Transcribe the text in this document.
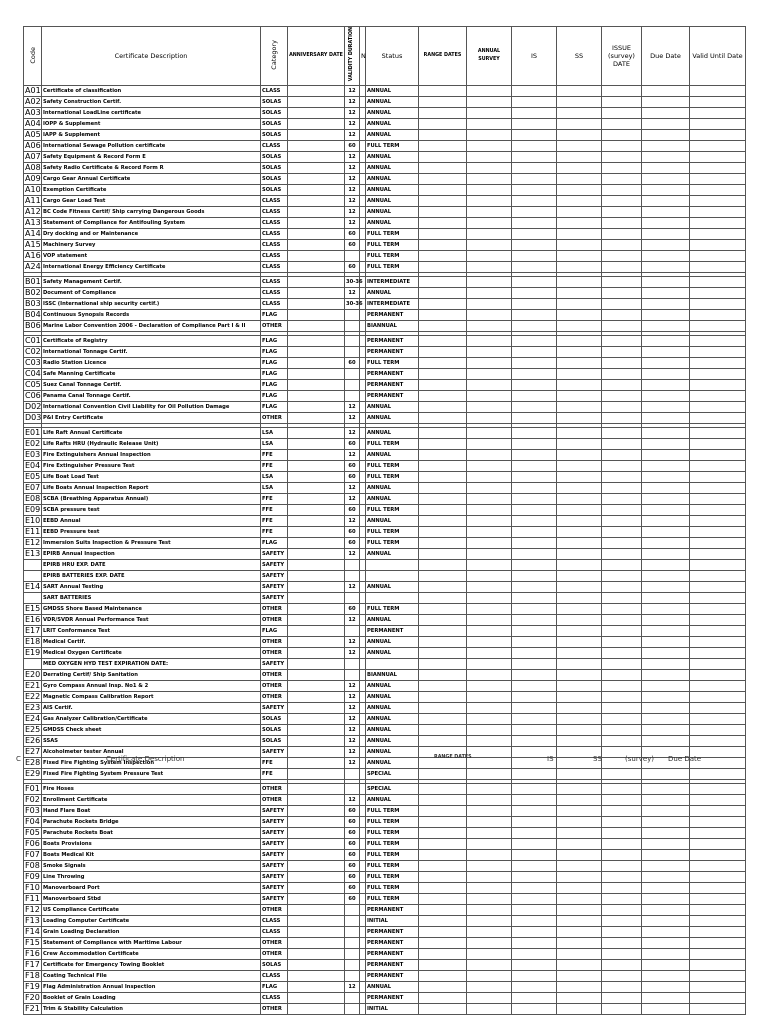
Code	Certificate Description	Category	ANNIVERSARY DATE	VALIDITY DURATION	N	Status	RANGE DATES	ANNUAL SURVEY	IS	SS	ISSUE (survey) DATE	Due Date	Valid Until Date
A01	Certificate of classification	CLASS		12		ANNUAL							
A02	Safety Construction Certif.	SOLAS		12		ANNUAL							
A03	International LoadLine certificate	SOLAS		12		ANNUAL							
A04	IOPP & Supplement	SOLAS		12		ANNUAL							
A05	IAPP & Supplement	SOLAS		12		ANNUAL							
A06	International Sewage Pollution certificate	CLASS		60		FULL TERM							
A07	Safety Equipment & Record Form E	SOLAS		12		ANNUAL							
A08	Safety Radio Certificate & Record Form R	SOLAS		12		ANNUAL							
A09	Cargo Gear Annual Certificate	SOLAS		12		ANNUAL							
A10	Exemption Certificate	SOLAS		12		ANNUAL							
A11	Cargo Gear Load Test	CLASS		12		ANNUAL							
A12	BC Code Fitness Certif/ Ship carrying Dangerous Goods	CLASS		12		ANNUAL							
A13	Statement of Compliance for Antifouling System	CLASS		12		ANNUAL							
A14	Dry docking and or Maintenance	CLASS		60		FULL TERM							
A15	Machinery Survey	CLASS		60		FULL TERM							
A16	VOP statement	CLASS				FULL TERM							
A24	International Energy Efficiency Certificate	CLASS		60		FULL TERM							

B01	Safety Management Certif.	CLASS		30-36		INTERMEDIATE							
B02	Document of Compliance	CLASS		12		ANNUAL							
B03	ISSC (International ship security certif.)	CLASS		30-36		INTERMEDIATE							
B04	Continuous Synopsis Records	FLAG				PERMANENT							
B06	Marine Labor Convention 2006 - Declaration of Compliance Part I & II	OTHER				BIANNUAL							

C01	Certificate of Registry	FLAG				PERMANENT							
C02	International Tonnage Certif.	FLAG				PERMANENT							
C03	Radio Station Licence	FLAG		60		FULL TERM							
C04	Safe Manning Certificate	FLAG				PERMANENT							
C05	Suez Canal Tonnage Certif.	FLAG				PERMANENT							
C06	Panama Canal Tonnage Certif.	FLAG				PERMANENT							
D02	International Convention Civil Liability for Oil Pollution Damage	FLAG		12		ANNUAL							
D03	P&I Entry Certificate	OTHER		12		ANNUAL							

E01	Life Raft Annual Certificate	LSA		12		ANNUAL							
E02	Life Rafts HRU (Hydraulic Release Unit)	LSA		60		FULL TERM							
E03	Fire Extinguishers Annual Inspection	FFE		12		ANNUAL							
E04	Fire Extinguisher Pressure Test	FFE		60		FULL TERM							
E05	Life Boat Load Test	LSA		60		FULL TERM							
E07	Life Boats Annual Inspection Report	LSA		12		ANNUAL							
E08	SCBA (Breathing Apparatus Annual)	FFE		12		ANNUAL							
E09	SCBA pressure test	FFE		60		FULL TERM							
E10	EEBD Annual	FFE		12		ANNUAL							
E11	EEBD Pressure test	FFE		60		FULL TERM							
E12	Immersion Suits Inspection & Pressure Test	FLAG		60		FULL TERM							
E13	EPIRB Annual Inspection	SAFETY		12		ANNUAL							
	EPIRB HRU EXP. DATE	SAFETY											
	EPIRB BATTERIES EXP. DATE	SAFETY											
E14	SART Annual Testing	SAFETY		12		ANNUAL							
	SART BATTERIES	SAFETY											
E15	GMDSS Shore Based Maintenance	OTHER		60		FULL TERM							
E16	VDR/SVDR Annual Performance Test	OTHER		12		ANNUAL							
E17	LRIT Conformance Test	FLAG				PERMANENT							
E18	Medical Certif.	OTHER		12		ANNUAL							
E19	Medical Oxygen Certificate	OTHER		12		ANNUAL							
	MED OXYGEN HYD TEST EXPIRATION DATE:	SAFETY											
E20	Derrating Certif/ Ship Sanitation	OTHER				BIANNUAL							
E21	Gyro Compass Annual Insp. No1 & 2	OTHER		12		ANNUAL							
E22	Magnetic Compass Calibration Report	OTHER		12		ANNUAL							
E23	AIS Certif.	SAFETY		12		ANNUAL							
E24	Gas Analyzer Calibration/Certificate	SOLAS		12		ANNUAL							
E25	GMDSS Check sheet	SOLAS		12		ANNUAL							
E26	SSAS	SOLAS		12		ANNUAL							
E27	Alcoholmeter tester Annual	SAFETY		12		ANNUAL							
E28	Fixed Fire Fighting System Inspection	FFE		12		ANNUAL							
E29	Fixed Fire Fighting System Pressure Test	FFE				SPECIAL							

F01	Fire Hoses	OTHER				SPECIAL							
F02	Enrollment Certificate	OTHER		12		ANNUAL							
F03	Hand Flare Boat	SAFETY		60		FULL TERM							
F04	Parachute Rockets Bridge	SAFETY		60		FULL TERM							
F05	Parachute Rockets Boat	SAFETY		60		FULL TERM							
F06	Boats Provisions	SAFETY		60		FULL TERM							
F07	Boats Medical Kit	SAFETY		60		FULL TERM							
F08	Smoke Signals	SAFETY		60		FULL TERM							
F09	Line Throwing	SAFETY		60		FULL TERM							
F10	Manoverboard Port	SAFETY		60		FULL TERM							
F11	Manoverboard Stbd	SAFETY		60		FULL TERM							
F12	US Compliance Certificate	OTHER				PERMANENT							
F13	Loading Computer Certificate	CLASS				INITIAL							
F14	Grain Loading Declaration	CLASS				PERMANENT							
F15	Statement of Compliance with Maritime Labour	OTHER				PERMANENT							
F16	Crew Accommodation Certificate	OTHER				PERMANENT							
F17	Certificate for Emergency Towing Booklet	SOLAS				PERMANENT							
F18	Coating Technical File	CLASS				PERMANENT							
F19	Flag Administration Annual Inspection	FLAG		12		ANNUAL							
F20	Booklet of Grain Loading	CLASS				PERMANENT							
F21	Trim & Stability Calculation	OTHER				INITIAL							
C	Certificate Description	RANGE DATES	IS	SS	(survey) Due Date
